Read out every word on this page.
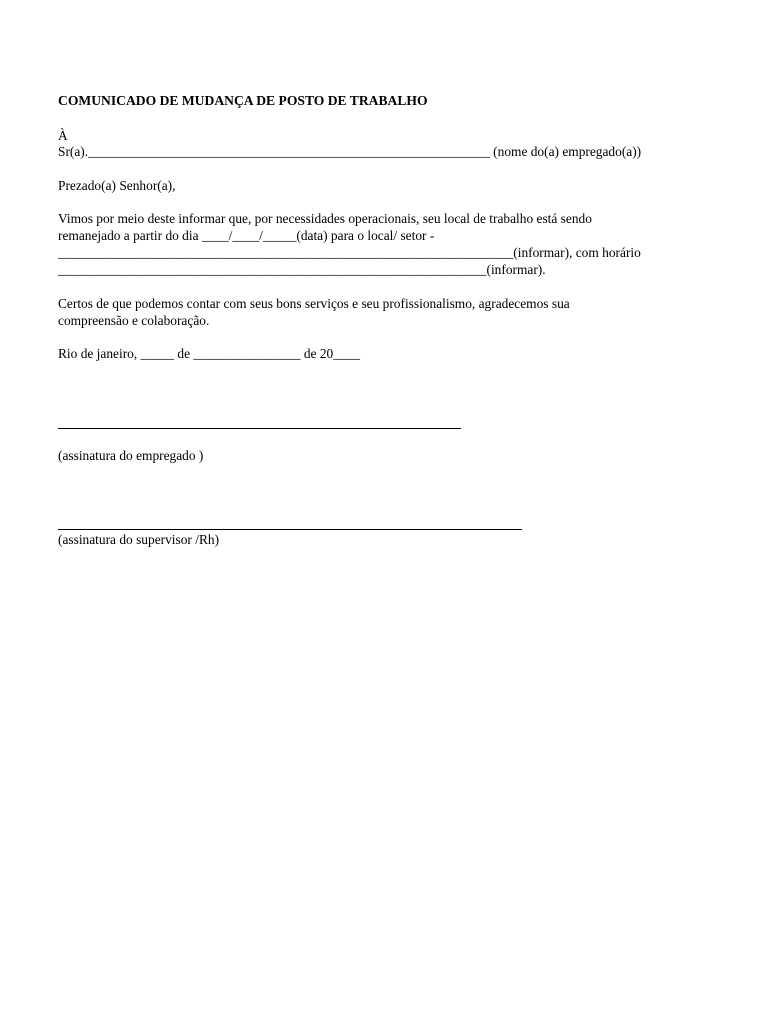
COMUNICADO DE MUDANÇA DE POSTO DE TRABALHO
À
Sr(a).____________________________________________________________ (nome do(a) empregado(a))
Prezado(a) Senhor(a),
Vimos por meio deste informar que, por necessidades operacionais, seu local de trabalho está sendo
remanejado a partir do dia ____/____/_____(data) para o local/ setor -
____________________________________________________________________(informar), com horário
________________________________________________________________(informar).
Certos de que podemos contar com seus bons serviços e seu profissionalismo, agradecemos sua
compreensão e colaboração.
Rio de janeiro, _____ de ________________ de 20____
(assinatura do empregado )
(assinatura do supervisor /Rh)
